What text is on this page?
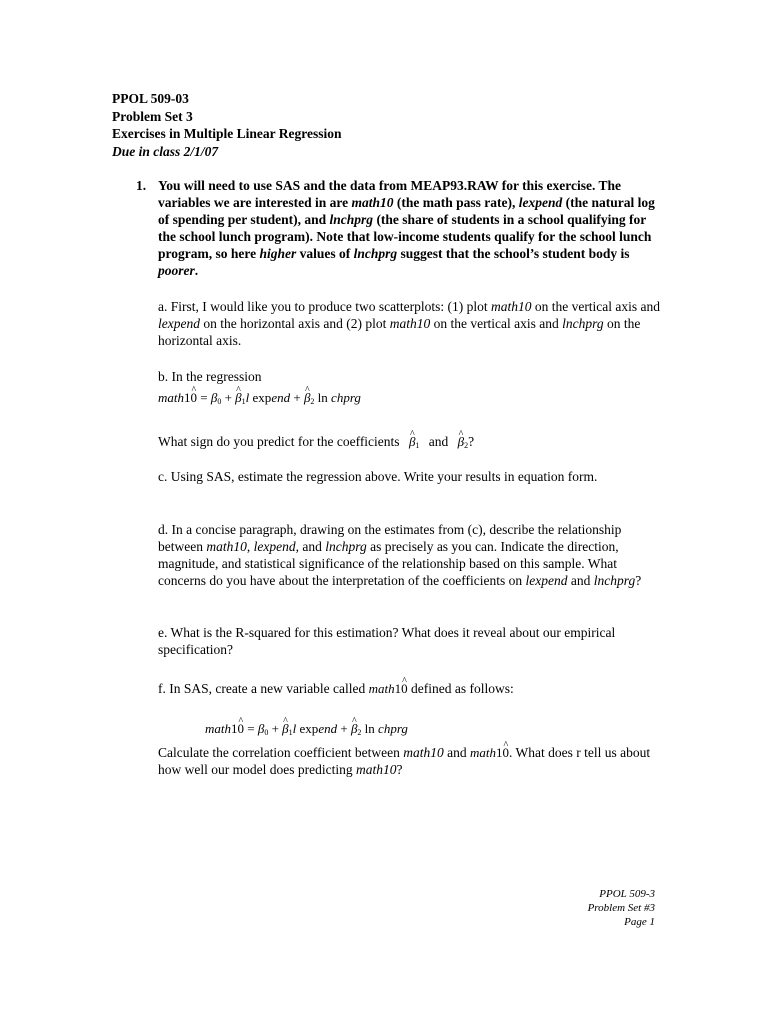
PPOL 509-03
Problem Set 3
Exercises in Multiple Linear Regression
Due in class 2/1/07
1. You will need to use SAS and the data from MEAP93.RAW for this exercise. The variables we are interested in are math10 (the math pass rate), lexpend (the natural log of spending per student), and lnchprg (the share of students in a school qualifying for the school lunch program). Note that low-income students qualify for the school lunch program, so here higher values of lnchprg suggest that the school’s student body is poorer.
a. First, I would like you to produce two scatterplots: (1) plot math10 on the vertical axis and lexpend on the horizontal axis and (2) plot math10 on the vertical axis and lnchprg on the horizontal axis.
b. In the regression
math1^ $0 = \beta_0$ + ^ $\beta_1l$ expend + ^ $\beta_2$ ln chprg
What sign do you predict for the coefficients ^ $\beta_1$ and ^ $\beta_2$?
c. Using SAS, estimate the regression above. Write your results in equation form.
d. In a concise paragraph, drawing on the estimates from (c), describe the relationship between math10, lexpend, and lnchprg as precisely as you can. Indicate the direction, magnitude, and statistical significance of the relationship based on this sample. What concerns do you have about the interpretation of the coefficients on lexpend and lnchprg?
e. What is the R-squared for this estimation? What does it reveal about our empirical specification?
f. In SAS, create a new variable called math1^ 0 defined as follows:
math1^ $0 = \beta_0$ + ^ $\beta_1l$ expend + ^ $\beta_2$ ln chprg
Calculate the correlation coefficient between math10 and math1^ 0. What does r tell us about how well our model does predicting math10?
PPOL 509-3
Problem Set #3
Page 1
